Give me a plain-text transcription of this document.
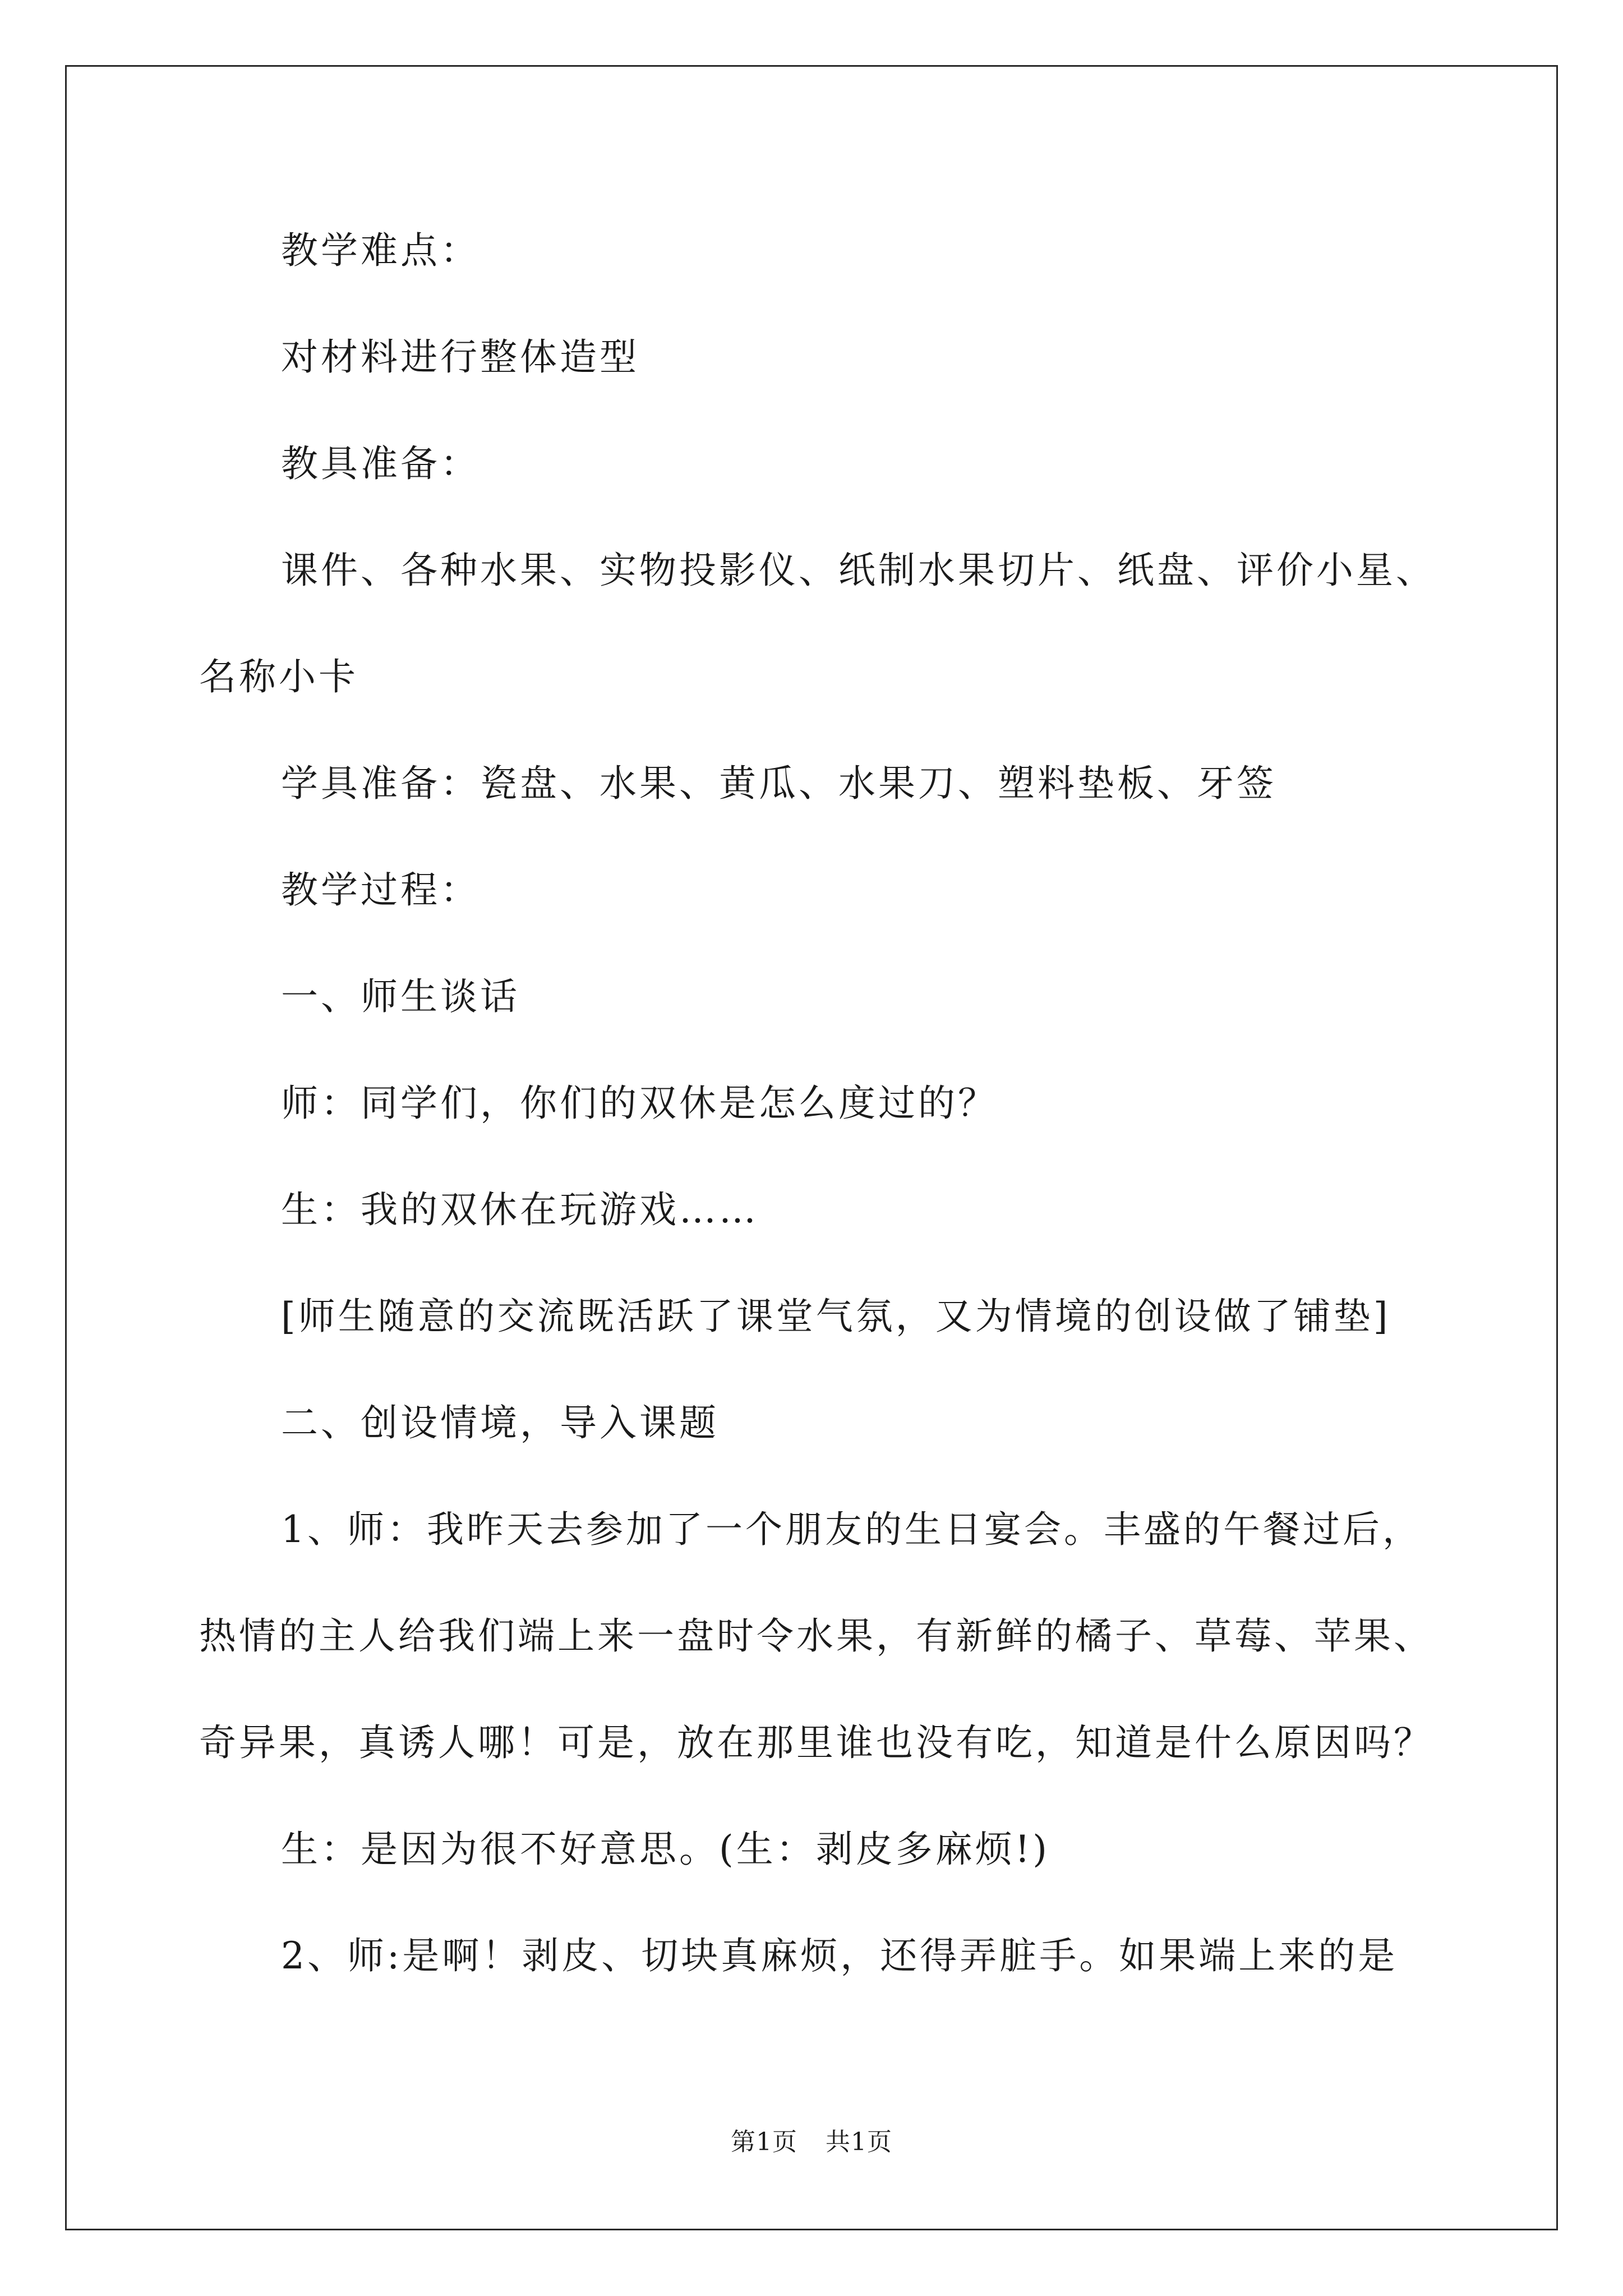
教学难点：

对材料进行整体造型

教具准备：

课件、各种水果、实物投影仪、纸制水果切片、纸盘、评价小星、名称小卡

学具准备：瓷盘、水果、黄瓜、水果刀、塑料垫板、牙签

教学过程：

一、师生谈话

师：同学们，你们的双休是怎么度过的？

生：我的双休在玩游戏……

[师生随意的交流既活跃了课堂气氛，又为情境的创设做了铺垫]

二、创设情境，导入课题

1、师：我昨天去参加了一个朋友的生日宴会。丰盛的午餐过后，热情的主人给我们端上来一盘时令水果，有新鲜的橘子、草莓、苹果、奇异果，真诱人哪！可是，放在那里谁也没有吃，知道是什么原因吗？

生：是因为很不好意思。(生：剥皮多麻烦!)

2、师:是啊！剥皮、切块真麻烦，还得弄脏手。如果端上来的是

第1页 共1页
